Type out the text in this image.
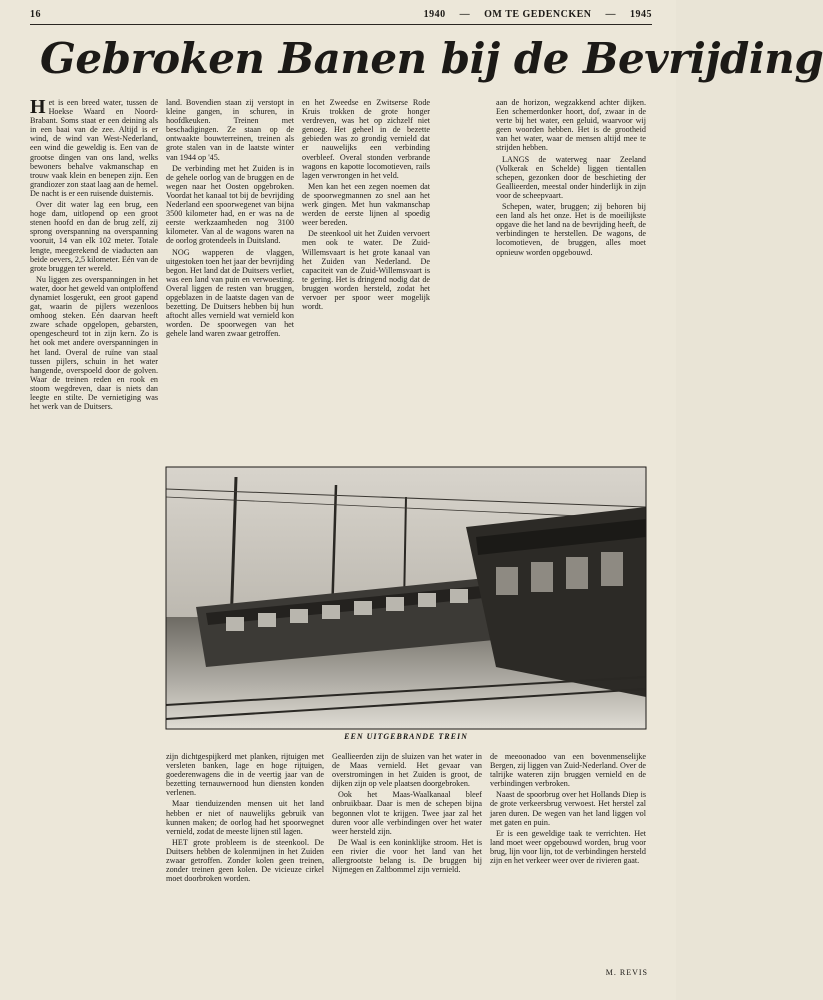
16	1940 — OM TE GEDENCKEN — 1945
Gebroken Banen bij de Bevrijding

Het is een breed water, tussen de Hoekse Waard en Noord-Brabant. Soms staat er een deining als in een baai van de zee. Altijd is er wind, de wind van West-Nederland, een wind die geweldig is. Een van de grootse dingen van ons land, welks bewoners behalve vakmanschap en trouw vaak klein en benepen zijn. Een grandiozer zon staat laag aan de hemel. De nacht is er een ruisende duisternis.

Over dit water lag een brug, een hoge dam, uitlopend op een groot stenen hoofd en dan de brug zelf, zij sprong overspanning na overspanning vooruit, 14 van elk 102 meter. Totale lengte, meegerekend de viaducten aan beide oevers, 2,5 kilometer. Eén van de grote bruggen ter wereld.

Nu liggen zes overspanningen in het water, door het geweld van ontploffend dynamiet losgerukt, een groot gapend gat, waarin de pijlers wezenloos omhoog steken. Eén daarvan heeft zware schade opgelopen, gebarsten, opengescheurd tot in zijn kern. Zo is het ook met andere overspanningen in het land. Overal de ruïne van staal tussen pijlers, schuin in het water hangende, overspoeld door de golven. Waar de treinen reden en rook en stoom wegdreven, daar is niets dan leegte en stilte. De vernietiging was het werk van de Duitsers.

land. Bovendien staan zij verstopt in kleine gangen, in schuren, in hoofdkeuken. Treinen met beschadigingen. Ze staan op de ontwaakte bouwterreinen, treinen als grote stalen van in de laatste winter van 1944 op '45.

De verbinding met het Zuiden is in de gehele oorlog van de bruggen en de wegen naar het Oosten opgebroken. Voordat het kanaal tot bij de bevrijding Nederland een spoorwegenet van bijna 3500 kilometer had, en er was na de eerste werkzaamheden nog 3100 kilometer. Van al de wagons waren na de oorlog grotendeels in Duitsland.

NOG wapperen de vlaggen, uitgestoken toen het jaar der bevrijding begon. Het land dat de Duitsers verliet, was een land van puin en verwoesting. Overal liggen de resten van bruggen, opgeblazen in de laatste dagen van de bezetting. De Duitsers hebben bij hun aftocht alles vernield wat vernield kon worden. De spoorwegen van het gehele land waren zwaar getroffen.

en het Zweedse en Zwitserse Rode Kruis trokken de grote honger verdreven, was het op zichzelf niet genoeg. Het geheel in de bezette gebieden was zo grondig vernield dat er nauwelijks een verbinding overbleef. Overal stonden verbrande wagons en kapotte locomotieven, rails lagen verwrongen in het veld.

Men kan het een zegen noemen dat de spoorwegmannen zo snel aan het werk gingen. Met hun vakmanschap werden de eerste lijnen al spoedig weer bereden.

De steenkool uit het Zuiden vervoert men ook te water. De Zuid-Willemsvaart is het grote kanaal van het Zuiden van Nederland. De capaciteit van de Zuid-Willemsvaart is te gering. Het is dringend nodig dat de bruggen worden hersteld, zodat het vervoer per spoor weer mogelijk wordt.

aan de horizon, wegzakkend achter dijken. Een schemerdonker hoort, dof, zwaar in de verte bij het water, een geluid, waarvoor wij geen woorden hebben. Het is de grootheid van het water, waar de mensen altijd mee te strijden hebben.

LANGS de waterweg naar Zeeland (Volkerak en Schelde) liggen tientallen schepen, gezonken door de beschieting der Geallieerden, meestal onder hinderlijk in zijn voor de scheepvaart.

Schepen, water, bruggen; zij behoren bij een land als het onze. Het is de moeilijkste opgave die het land na de bevrijding heeft, de verbindingen te herstellen. De wagons, de locomotieven, de bruggen, alles moet opnieuw worden opgebouwd.

EEN UITGEBRANDE TREIN

zijn dichtgespijkerd met planken, rijtuigen met versleten banken, lage en hoge rijtuigen, goederenwagens die in de veertig jaar van de bezetting ternauwernood hun diensten konden verlenen.

Maar tienduizenden mensen uit het land hebben er niet of nauwelijks gebruik van kunnen maken; de oorlog had het spoorwegnet vernield, zodat de meeste lijnen stil lagen.

HET grote probleem is de steenkool. De Duitsers hebben de kolenmijnen in het Zuiden zwaar getroffen. Zonder kolen geen treinen, zonder treinen geen kolen. De vicieuze cirkel moet doorbroken worden.

Geallieerden zijn de sluizen van het water in de Maas vernield. Het gevaar van overstromingen in het Zuiden is groot, de dijken zijn op vele plaatsen doorgebroken.

Ook het Maas-Waalkanaal bleef onbruikbaar. Daar is men de schepen bijna begonnen vlot te krijgen. Twee jaar zal het duren voor alle verbindingen over het water weer hersteld zijn.

De Waal is een koninklijke stroom. Het is een rivier die voor het land van het allergrootste belang is. De bruggen bij Nijmegen en Zaltbommel zijn vernield.

de meeoonadoo van een bovenmenselijke Bergen, zij liggen van Zuid-Nederland. Over de talrijke wateren zijn bruggen vernield en de verbindingen verbroken.

Naast de spoorbrug over het Hollands Diep is de grote verkeersbrug verwoest. Het herstel zal jaren duren. De wegen van het land liggen vol met gaten en puin.

Er is een geweldige taak te verrichten. Het land moet weer opgebouwd worden, brug voor brug, lijn voor lijn, tot de verbindingen hersteld zijn en het verkeer weer over de rivieren gaat.

M. REVIS
